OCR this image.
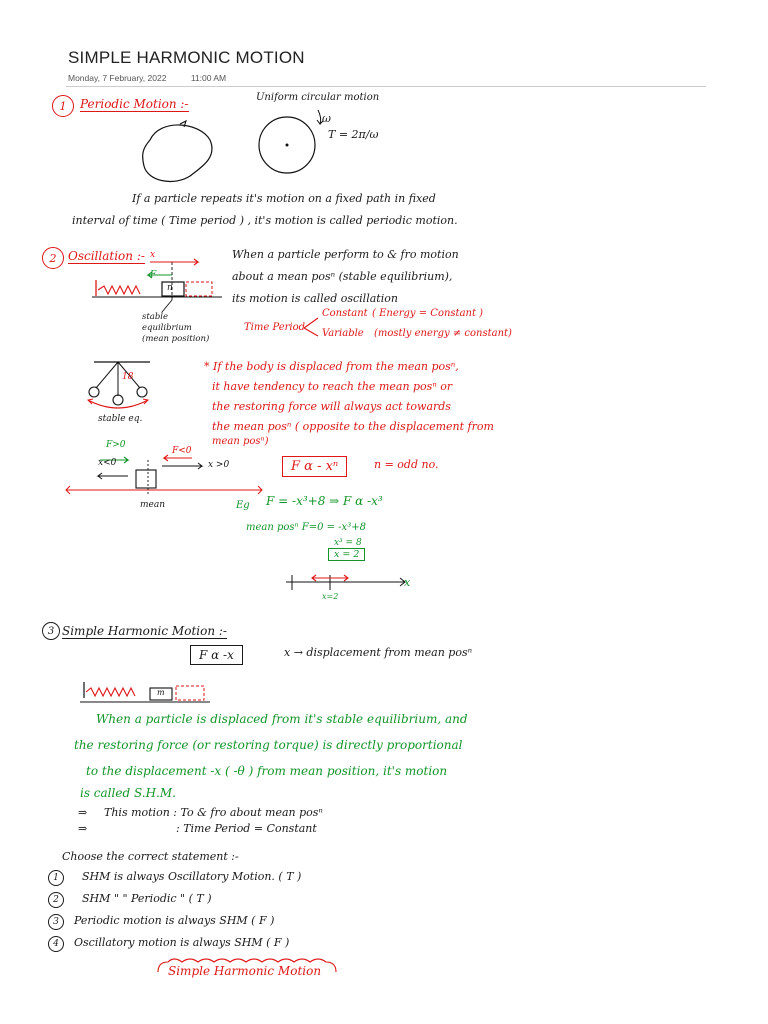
SIMPLE HARMONIC MOTION
Monday, 7 February, 2022	11:00 AM
1	Periodic Motion :-	Uniform circular motion
ω
T = 2π/ω
If a particle repeats it's motion on a fixed path in fixed
interval of time ( Time period ) , it's motion is called periodic motion.
2 Oscillation :- x
F
n
When a particle perform to & fro motion
about a mean posⁿ (stable equilibrium),
its motion is called oscillation
stable equilibrium (mean position)
Time Period
Constant ( Energy = Constant )
Variable (mostly energy ≠ constant)
18
stable eq.
* If the body is displaced from the mean posⁿ,
it have tendency to reach the mean posⁿ or
the restoring force will always act towards
the mean posⁿ ( opposite to the displacement from
mean posⁿ)
F>0
x<0
F<0
x >0
mean
F α - xⁿ	n = odd no.
Eg F = -x³+8 ⇒ F α -x³
mean posⁿ F=0 = -x³+8
x³ = 8
x = 2
x
x=2
3 Simple Harmonic Motion :-
F α -x	x → displacement from mean posⁿ
m
When a particle is displaced from it's stable equilibrium, and
the restoring force (or restoring torque) is directly proportional
to the displacement -x ( -θ ) from mean position, it's motion
is called S.H.M.
⇒ This motion : To & fro about mean posⁿ
⇒	: Time Period = Constant
Choose the correct statement :-
1	SHM is always Oscillatory Motion. ( T )
2	SHM " " Periodic " ( T )
3	Periodic motion is always SHM ( F )
4	Oscillatory motion is always SHM ( F )
Simple Harmonic Motion
